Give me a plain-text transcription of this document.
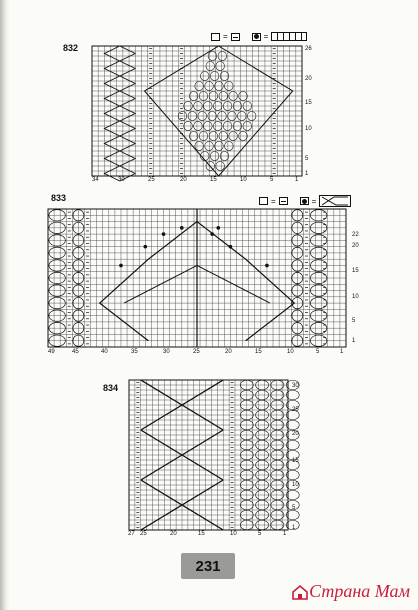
832
=	=
26
20
15
10
5
1
34	30	25	20	15	10	5	1
833	=	=
22
20
15
10
5
1
49	45	40	35	30	25	20	15	10	5	1
834	30
25
20
15
10
5
1
27 25	20	15	10	5	1
231
Страна Мам
